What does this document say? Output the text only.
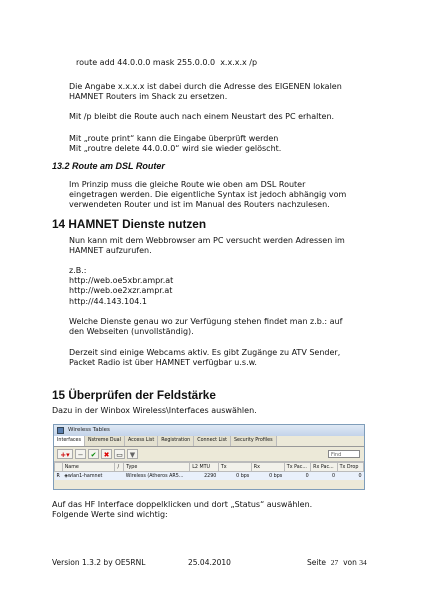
route add 44.0.0.0 mask 255.0.0.0  x.x.x.x /p
Die Angabe x.x.x.x ist dabei durch die Adresse des EIGENEN lokalen
HAMNET Routers im Shack zu ersetzen.
Mit /p bleibt die Route auch nach einem Neustart des PC erhalten.
Mit „route print“ kann die Eingabe überprüft werden
Mit „routre delete 44.0.0.0“ wird sie wieder gelöscht.
13.2 Route am DSL Router
Im Prinzip muss die gleiche Route wie oben am DSL Router
eingetragen werden. Die eigentliche Syntax ist jedoch abhängig vom
verwendeten Router und ist im Manual des Routers nachzulesen.
14 HAMNET Dienste nutzen
Nun kann mit dem Webbrowser am PC versucht werden Adressen im
HAMNET aufzurufen.
z.B.:
http://web.oe5xbr.ampr.at
http://web.oe2xzr.ampr.at
http://44.143.104.1
Welche Dienste genau wo zur Verfügung stehen findet man z.b.: auf
den Webseiten (unvollständig).
Derzeit sind einige Webcams aktiv. Es gibt Zugänge zu ATV Sender,
Packet Radio ist über HAMNET verfügbar u.s.w.
15 Überprüfen der Feldstärke
Dazu in der Winbox Wireless\Interfaces auswählen.
Wireless Tables
Interfaces	Nstreme Dual	Access List	Registration	Connect List	Security Profiles
+▾	−	✔	✖ ▭ ▼	Find
	Name	/	Type	L2 MTU	Tx	Rx	Tx Pac...	Rx Pac...	Tx Drop
R	◈wlan1-hamnet		Wireless (Atheros AR5...	2290	0 bps	0 bps	0	0	0
Auf das HF Interface doppelklicken und dort „Status“ auswählen.
Folgende Werte sind wichtig:
Version 1.3.2 by OE5RNL	25.04.2010	Seite 27 von 34
